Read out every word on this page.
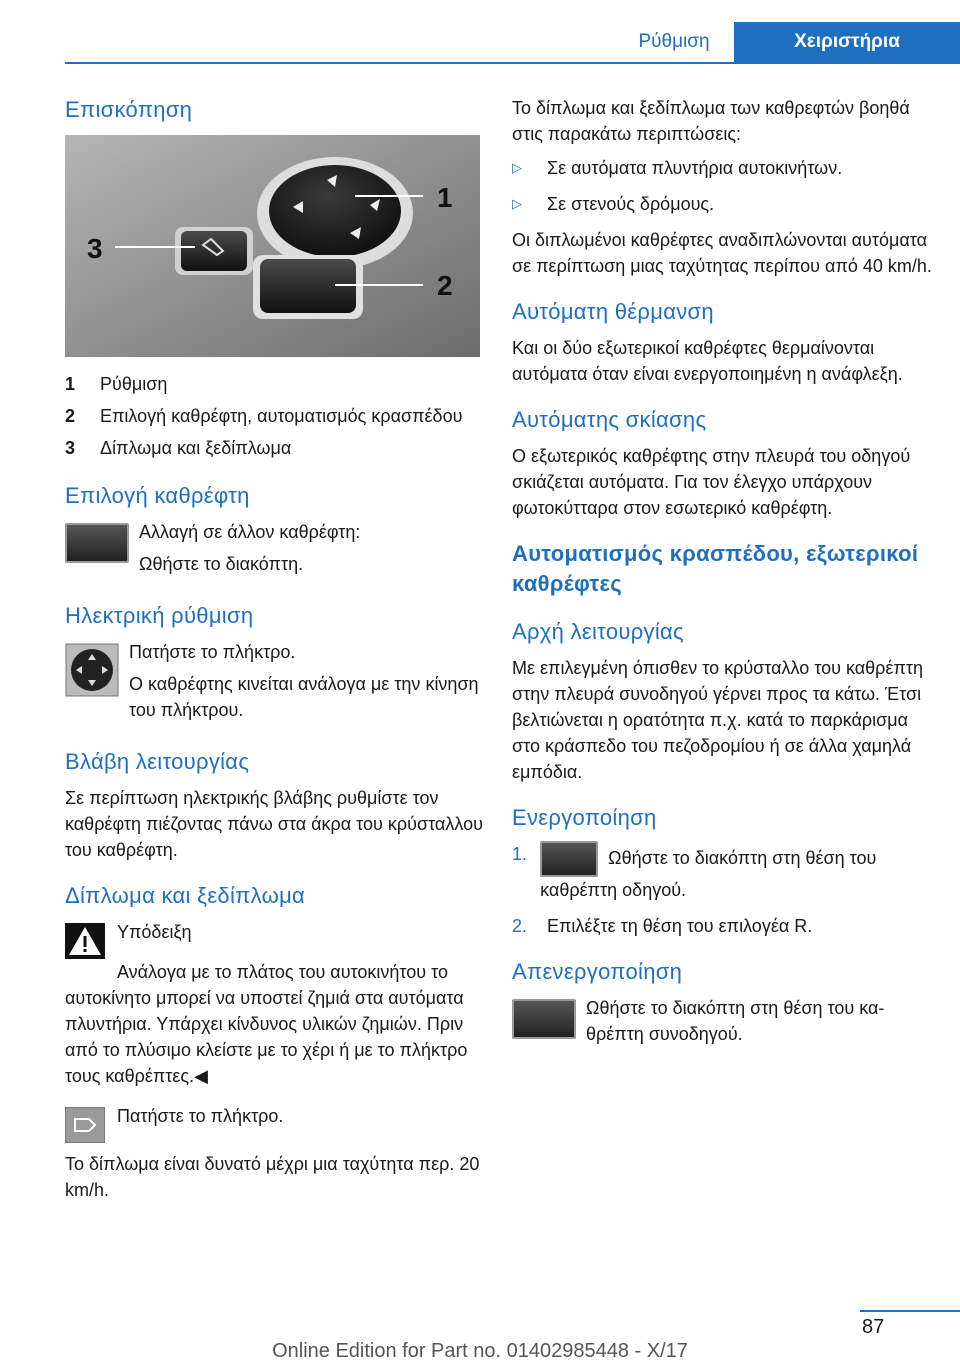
Ρύθμιση	Χειριστήρια
Επισκόπηση
1
2
3
1	Ρύθμιση
2	Επιλογή καθρέφτη, αυτοματισμός κρασπέδου
3	Δίπλωμα και ξεδίπλωμα
Επιλογή καθρέφτη

Αλλαγή σε άλλον καθρέφτη:

Ωθήστε το διακόπτη.

Ηλεκτρική ρύθμιση

Πατήστε το πλήκτρο.

Ο καθρέφτης κινείται ανάλογα με την κίνηση του πλήκτρου.

Βλάβη λειτουργίας

Σε περίπτωση ηλεκτρικής βλάβης ρυθμίστε τον καθρέφτη πιέζοντας πάνω στα άκρα του κρύσταλλου του καθρέφτη.

Δίπλωμα και ξεδίπλωμα

Υπόδειξη

Ανάλογα με το πλάτος του αυτοκινήτου το αυτοκίνητο μπορεί να υποστεί ζημιά στα αυτόματα πλυντήρια. Υπάρχει κίνδυνος υλικών ζημιών. Πριν από το πλύσιμο κλείστε με το χέρι ή με το πλήκτρο τους καθρέπτες.◀

Πατήστε το πλήκτρο.

Το δίπλωμα είναι δυνατό μέχρι μια ταχύτητα περ. 20 km/h.

Το δίπλωμα και ξεδίπλωμα των καθρεφτών βοηθά στις παρακάτω περιπτώσεις:

▷	Σε αυτόματα πλυντήρια αυτοκινήτων.
▷	Σε στενούς δρόμους.

Οι διπλωμένοι καθρέφτες αναδιπλώνονται αυτόματα σε περίπτωση μιας ταχύτητας περίπου από 40 km/h.

Αυτόματη θέρμανση

Και οι δύο εξωτερικοί καθρέφτες θερμαίνονται αυτόματα όταν είναι ενεργοποιημένη η ανάφλεξη.

Αυτόματης σκίασης

Ο εξωτερικός καθρέφτης στην πλευρά του οδηγού σκιάζεται αυτόματα. Για τον έλεγχο υπάρχουν φωτοκύτταρα στον εσωτερικό καθρέφτη.

Αυτοματισμός κρασπέδου, εξωτερικοί καθρέφτες
Αρχή λειτουργίας

Με επιλεγμένη όπισθεν το κρύσταλλο του καθρέπτη στην πλευρά συνοδηγού γέρνει προς τα κάτω. Έτσι βελτιώνεται η ορατότητα π.χ. κατά το παρκάρισμα στο κράσπεδο του πεζοδρομίου ή σε άλλα χαμηλά εμπόδια.

Ενεργοποίηση
1.	Ωθήστε το διακόπτη στη θέση του καθρέπτη οδηγού.
2.	Επιλέξτε τη θέση του επιλογέα R.
Απενεργοποίηση

Ωθήστε το διακόπτη στη θέση του καθρέπτη συνοδηγού.

87
Online Edition for Part no. 01402985448 - X/17
